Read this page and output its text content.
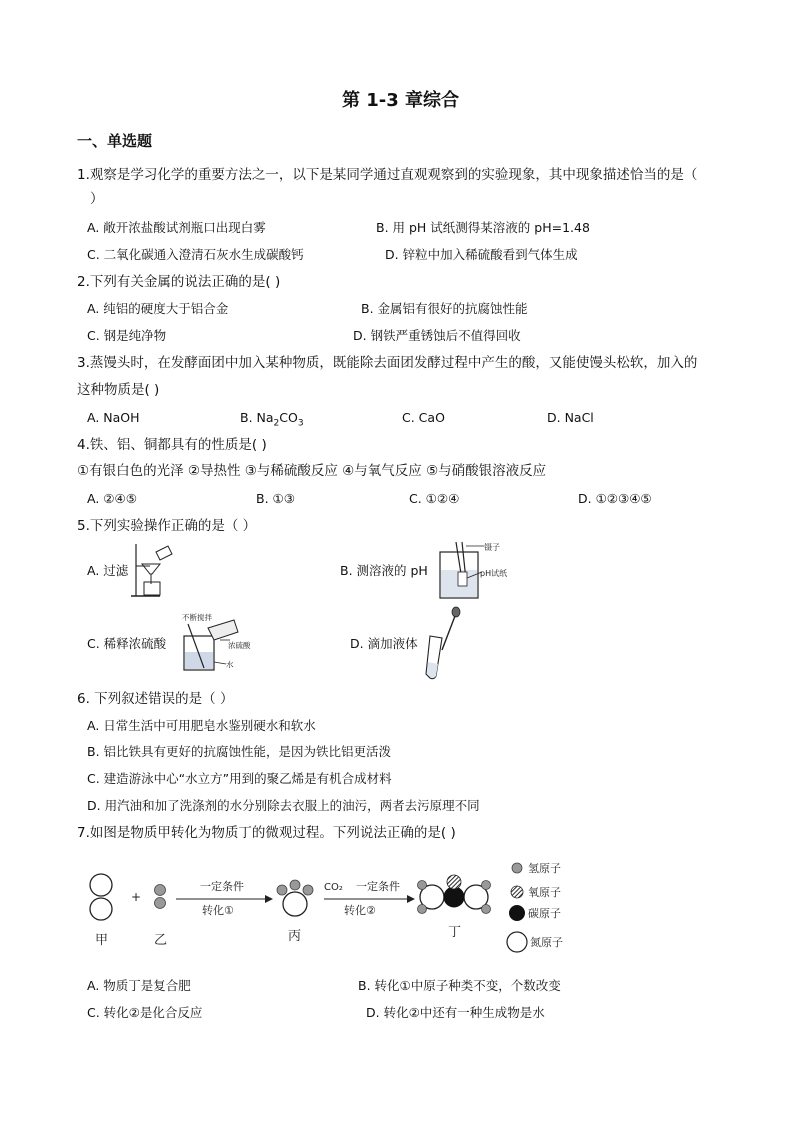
第 1-3 章综合
一、单选题
1.观察是学习化学的重要方法之一，以下是某同学通过直观观察到的实验现象，其中现象描述恰当的是（
）
A. 敞开浓盐酸试剂瓶口出现白雾	B. 用 pH 试纸测得某溶液的 pH=1.48
C. 二氧化碳通入澄清石灰水生成碳酸钙	D. 锌粒中加入稀硫酸看到气体生成
2.下列有关金属的说法正确的是( )
A. 纯铝的硬度大于铝合金	B. 金属铝有很好的抗腐蚀性能
C. 钢是纯净物	D. 钢铁严重锈蚀后不值得回收
3.蒸馒头时，在发酵面团中加入某种物质，既能除去面团发酵过程中产生的酸，又能使馒头松软，加入的
这种物质是( )
A. NaOH	B. $Na_2CO_3$	C. CaO	D. NaCl
4.铁、铝、铜都具有的性质是( )
①有银白色的光泽 ②导热性 ③与稀硫酸反应 ④与氧气反应 ⑤与硝酸银溶液反应
A. ②④⑤	B. ①③	C. ①②④	D. ①②③④⑤
5.下列实验操作正确的是（ ）
A. 过滤	B. 测溶液的 pH
镊子
pH试纸
C. 稀释浓硫酸
不断搅拌
浓硫酸
水
D. 滴加液体
6. 下列叙述错误的是（ ）
A. 日常生活中可用肥皂水鉴别硬水和软水
B. 铝比铁具有更好的抗腐蚀性能，是因为铁比铝更活泼
C. 建造游泳中心“水立方”用到的聚乙烯是有机合成材料
D. 用汽油和加了洗涤剂的水分别除去衣服上的油污，两者去污原理不同
7.如图是物质甲转化为物质丁的微观过程。下列说法正确的是( )
甲
+
乙
一定条件
转化①
丙
CO₂ 一定条件
转化②
丁
氢原子
氧原子
碳原子
氮原子
A. 物质丁是复合肥	B. 转化①中原子种类不变，个数改变
C. 转化②是化合反应	D. 转化②中还有一种生成物是水
